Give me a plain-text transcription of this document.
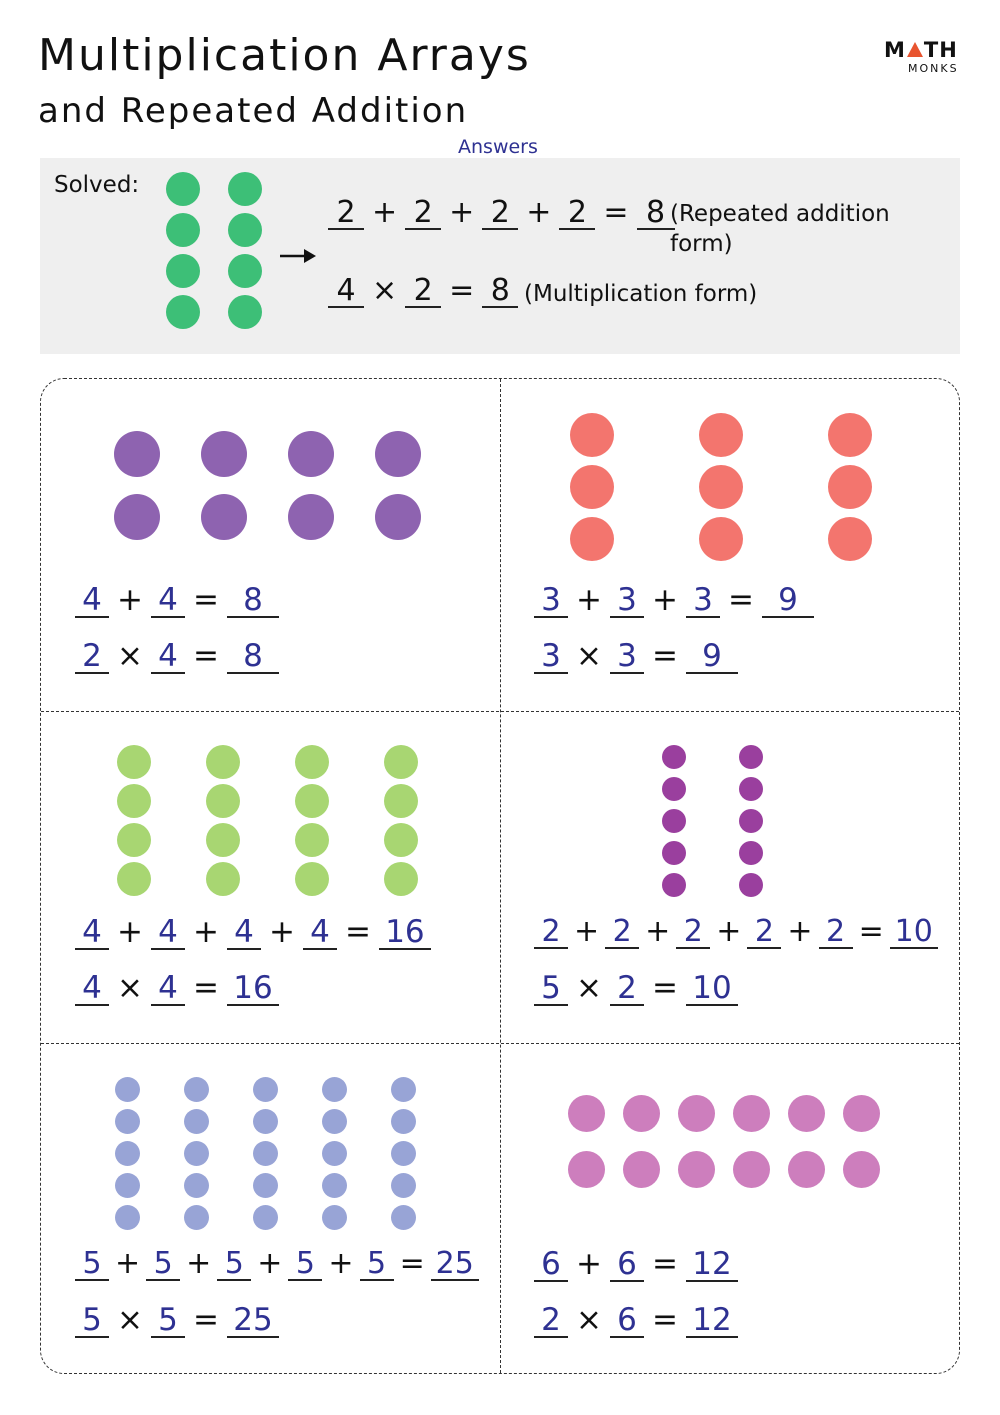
Multiplication Arrays
and Repeated Addition
M TH
MONKS
Answers
Solved:
2 + 2 + 2 + 2 = 8 (Repeated addition form)
4 × 2 = 8 (Multiplication form)
4 + 4 = 8
2 × 4 = 8
3 + 3 + 3 = 9
3 × 3 = 9
4 + 4 + 4 + 4 = 16
4 × 4 = 16
2 + 2 + 2 + 2 + 2 = 10
5 × 2 = 10
5 + 5 + 5 + 5 + 5 = 25
5 × 5 = 25
6 + 6 = 12
2 × 6 = 12
